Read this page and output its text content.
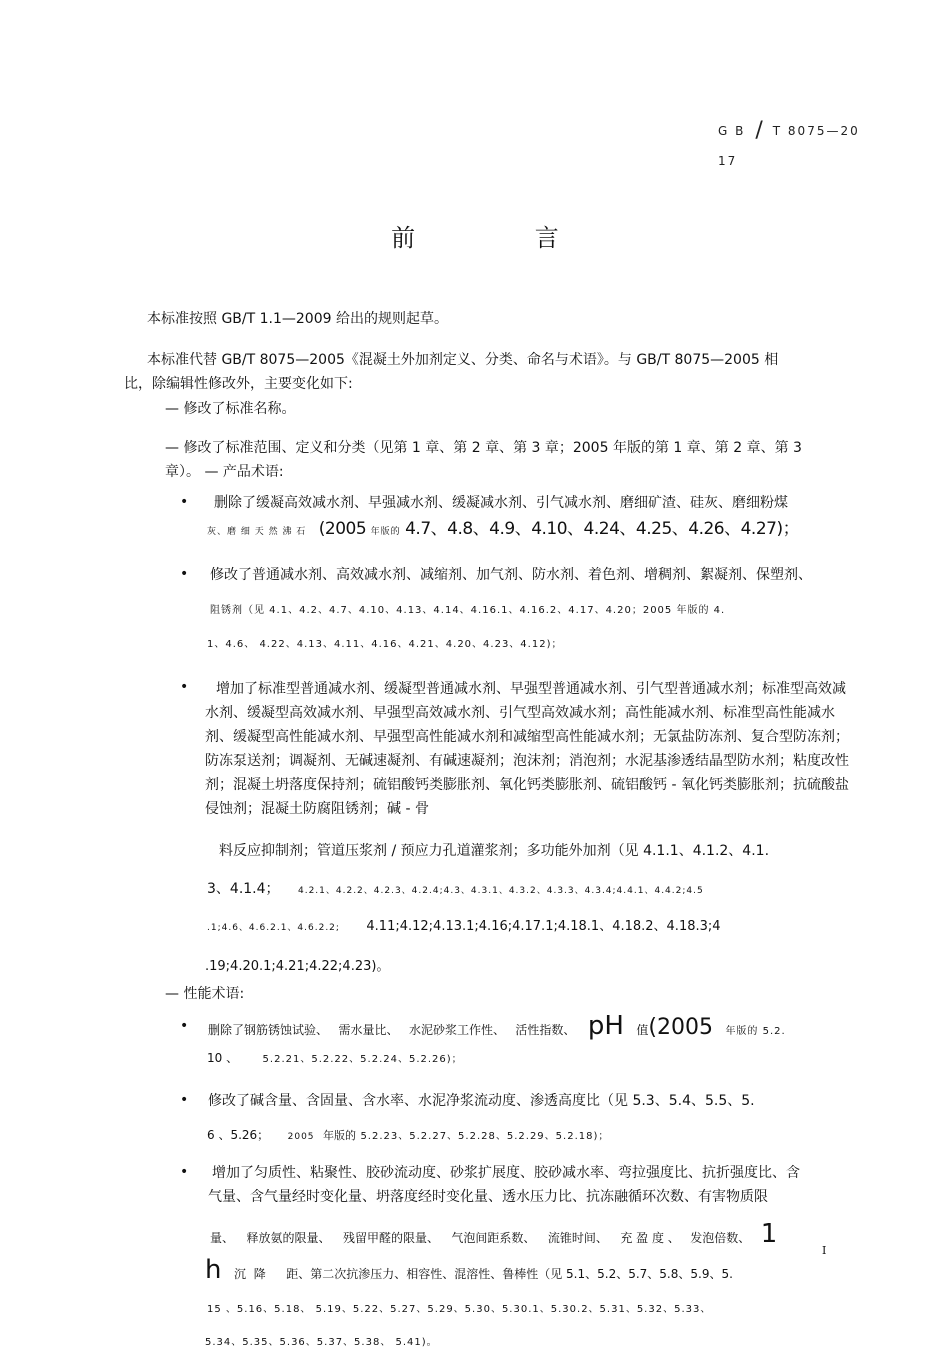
G B / T 8075—20
17
前 言
本标准按照 GB/T 1.1—2009 给出的规则起草。
本标准代替 GB/T 8075—2005《混凝土外加剂定义、分类、命名与术语》。与 GB/T 8075—2005 相
比，除编辑性修改外，主要变化如下:
— 修改了标准名称。
— 修改了标准范围、定义和分类（见第 1 章、第 2 章、第 3 章；2005 年版的第 1 章、第 2 章、第 3
章）。 — 产品术语:
• 删除了缓凝高效减水剂、早强减水剂、缓凝减水剂、引气减水剂、磨细矿渣、硅灰、磨细粉煤
灰、磨 细 天 然 沸 石 (2005 年版的 4.7、4.8、4.9、4.10、4.24、4.25、4.26、4.27)；
• 修改了普通减水剂、高效减水剂、减缩剂、加气剂、防水剂、着色剂、增稠剂、絮凝剂、保塑剂、
阻锈剂（见 4.1、4.2、4.7、4.10、4.13、4.14、4.16.1、4.16.2、4.17、4.20；2005 年版的 4.
1、4.6、 4.22、4.13、4.11、4.16、4.21、4.20、4.23、4.12)；
•	增加了标准型普通减水剂、缓凝型普通减水剂、早强型普通减水剂、引气型普通减水剂；标准型高效减水剂、缓凝型高效减水剂、早强型高效减水剂、引气型高效减水剂；高性能减水剂、标准型高性能减水剂、缓凝型高性能减水剂、早强型高性能减水剂和减缩型高性能减水剂；无氯盐防冻剂、复合型防冻剂；防冻泵送剂；调凝剂、无碱速凝剂、有碱速凝剂；泡沫剂；消泡剂；水泥基渗透结晶型防水剂；粘度改性剂；混凝土坍落度保持剂；硫铝酸钙类膨胀剂、氧化钙类膨胀剂、硫铝酸钙 - 氧化钙类膨胀剂；抗硫酸盐侵蚀剂；混凝土防腐阻锈剂；碱 - 骨
料反应抑制剂；管道压浆剂 / 预应力孔道灌浆剂；多功能外加剂（见 4.1.1、4.1.2、4.1.
3、4.1.4； 4.2.1、4.2.2、4.2.3、4.2.4;4.3、4.3.1、4.3.2、4.3.3、4.3.4;4.4.1、4.4.2;4.5
.1;4.6、4.6.2.1、4.6.2.2; 4.11;4.12;4.13.1;4.16;4.17.1;4.18.1、4.18.2、4.18.3;4
.19;4.20.1;4.21;4.22;4.23)。
— 性能术语:
• 删除了钢筋锈蚀试验、 需水量比、 水泥砂浆工作性、 活性指数、 pH 值(2005 年版的 5.2.
10 、 5.2.21、5.2.22、5.2.24、5.2.26)；
• 修改了碱含量、含固量、含水率、水泥净浆流动度、渗透高度比（见 5.3、5.4、5.5、5.
6 、5.26； 2005 年版的 5.2.23、5.2.27、5.2.28、5.2.29、5.2.18)；
• 增加了匀质性、粘聚性、胶砂流动度、砂浆扩展度、胶砂减水率、弯拉强度比、抗折强度比、含
气量、含气量经时变化量、坍落度经时变化量、透水压力比、抗冻融循环次数、有害物质限
量、 释放氨的限量、 残留甲醛的限量、 气泡间距系数、 流锥时间、 充 盈 度 、 发泡倍数、 1
h 沉 降 距、第二次抗渗压力、相容性、混溶性、鲁棒性（见 5.1、5.2、5.7、5.8、5.9、5.
15 、5.16、5.18、 5.19、5.22、5.27、5.29、5.30、5.30.1、5.30.2、5.31、5.32、5.33、
5.34、5.35、5.36、5.37、5.38、 5.41)。
I
